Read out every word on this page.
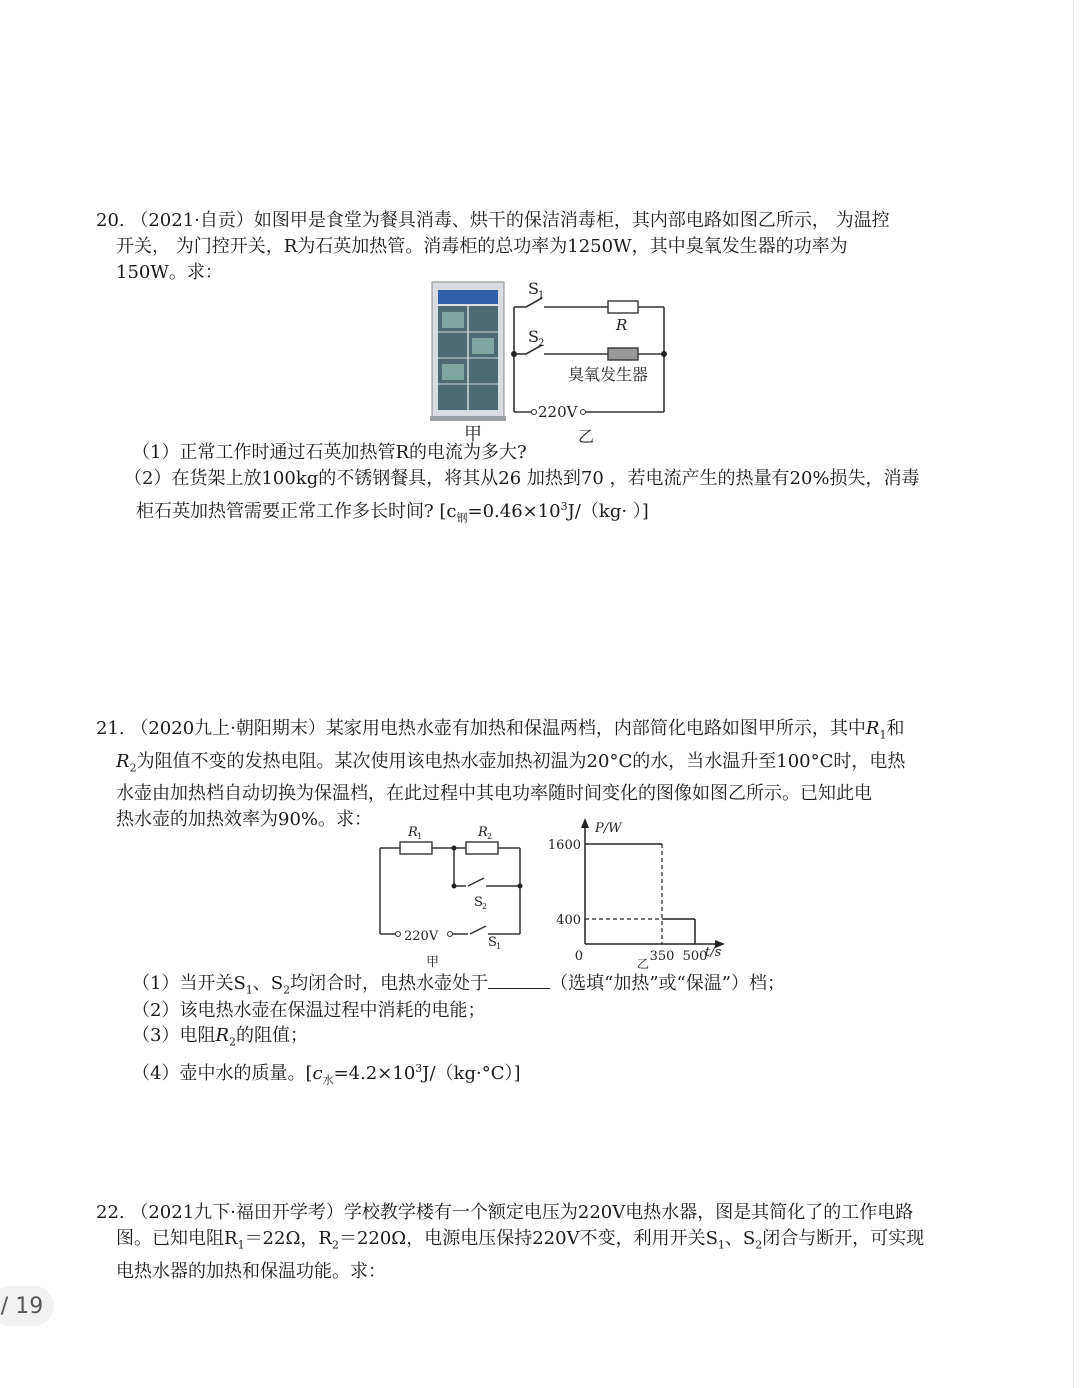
20. （2021·自贡）如图甲是食堂为餐具消毒、烘干的保洁消毒柜，其内部电路如图乙所示， 为温控
开关， 为门控开关，R为石英加热管。消毒柜的总功率为1250W，其中臭氧发生器的功率为
150W。求：
S 1
S 2
R
臭氧发生器
220V
甲	乙
（1）正常工作时通过石英加热管R的电流为多大?
（2）在货架上放100kg的不锈钢餐具，将其从26 加热到70 ，若电流产生的热量有20%损失，消毒
柜石英加热管需要正常工作多长时间? [$c_钢=0.46\times 10^3J/(kg\cdot$ ）]
21. （2020九上·朝阳期末）某家用电热水壶有加热和保温两档，内部简化电路如图甲所示，其中$R_1$和
$R_2$为阻值不变的发热电阻。某次使用该电热水壶加热初温为20°C的水，当水温升至100°C时，电热
水壶由加热档自动切换为保温档，在此过程中其电功率随时间变化的图像如图乙所示。已知此电
热水壶的加热效率为90%。求：
R 1	R 2
S 2
S 1
220V
甲
P/W
t/s
乙
400
1600
0	350 500
（1）当开关$S_1$、$S_2$均闭合时，电热水壶处于	（选填“加热”或“保温”）档；
（2）该电热水壶在保温过程中消耗的电能；
（3）电阻$R_2$的阻值；
（4）壶中水的质量。$[c_水=4.2\times 10^3J/(kg\cdot^\circ C)]$
22. （2021九下·福田开学考）学校教学楼有一个额定电压为220V电热水器，图是其简化了的工作电路
图。已知电阻$R_1=22\Omega$，$R_2=220\Omega$，电源电压保持220V不变，利用开关$S_1$、$S_2$闭合与断开，可实现
电热水器的加热和保温功能。求：
/ 19
